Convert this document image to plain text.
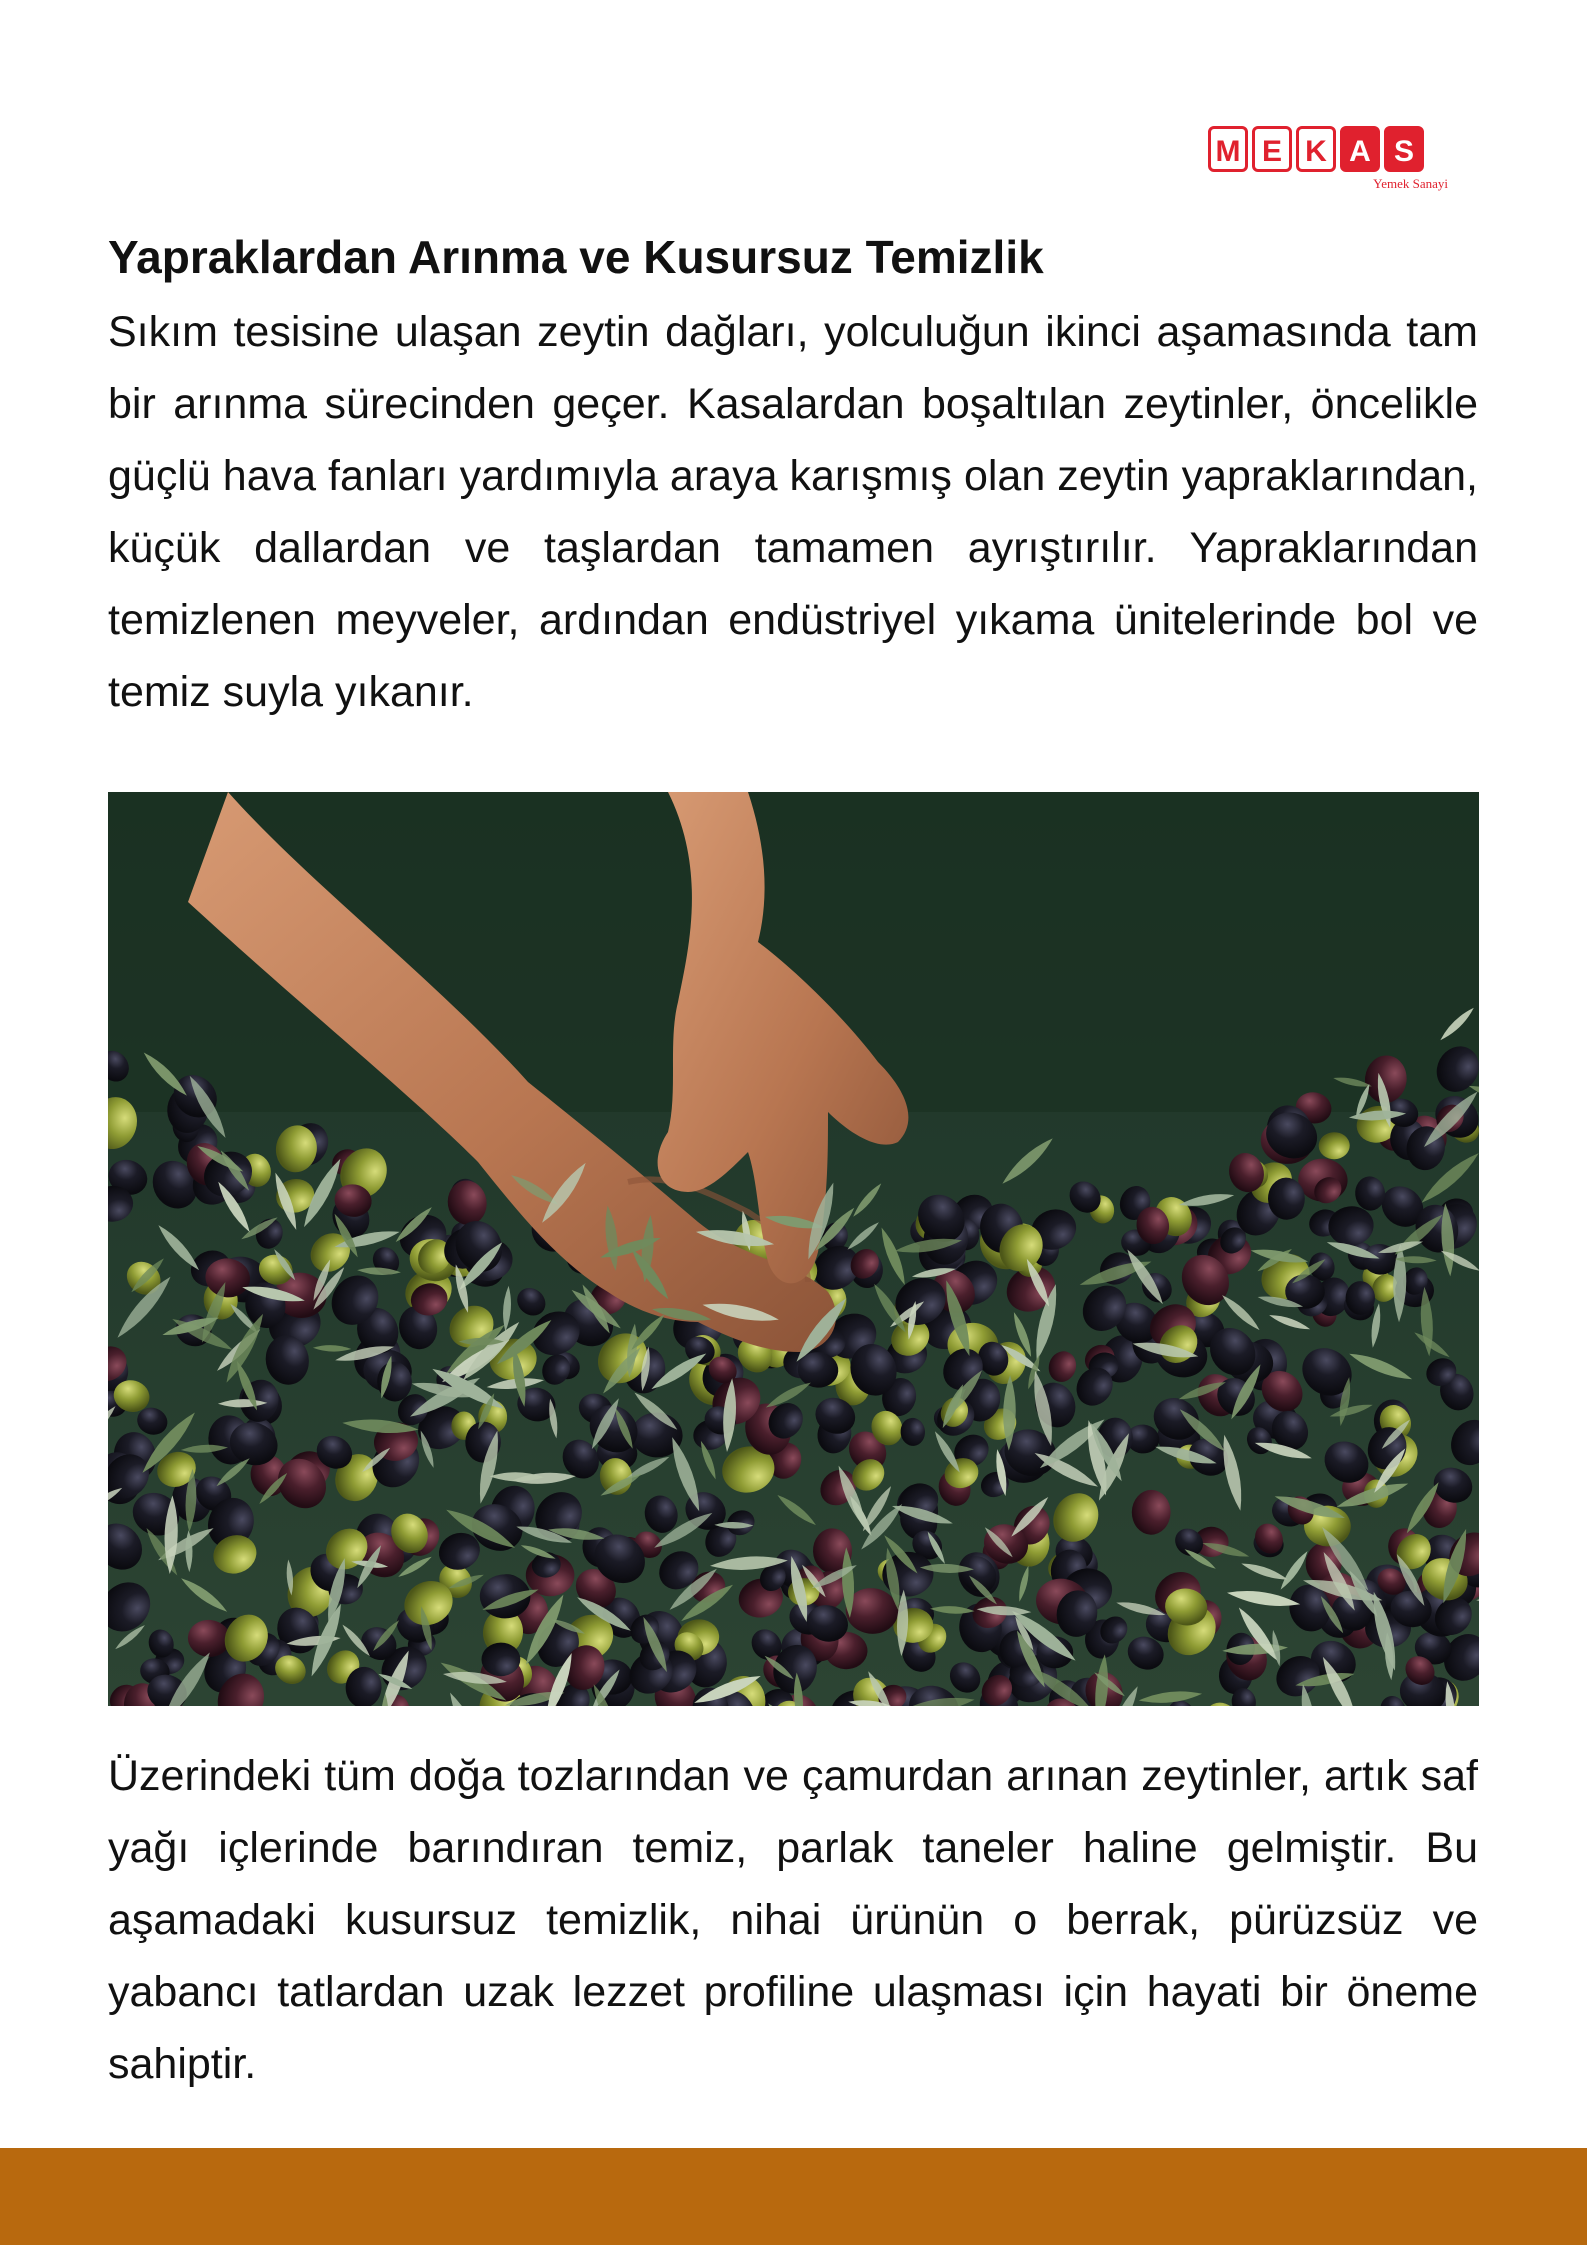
M E K A S
Yemek Sanayi
Yapraklardan Arınma ve Kusursuz Temizlik

Sıkım tesisine ulaşan zeytin dağları, yolculuğun ikinci aşamasında tam bir arınma sürecinden geçer. Kasalardan boşaltılan zeytinler, öncelikle güçlü hava fanları yardımıyla araya karışmış olan zeytin yapraklarından, küçük dallardan ve taşlardan tamamen ayrıştırılır. Yapraklarından temizlenen meyveler, ardından endüstriyel yıkama ünitelerinde bol ve temiz suyla yıkanır.

Üzerindeki tüm doğa tozlarından ve çamurdan arınan zeytinler, artık saf yağı içlerinde barındıran temiz, parlak taneler haline gelmiştir. Bu aşamadaki kusursuz temizlik, nihai ürünün o berrak, pürüzsüz ve yabancı tatlardan uzak lezzet profiline ulaşması için hayati bir öneme sahiptir.
